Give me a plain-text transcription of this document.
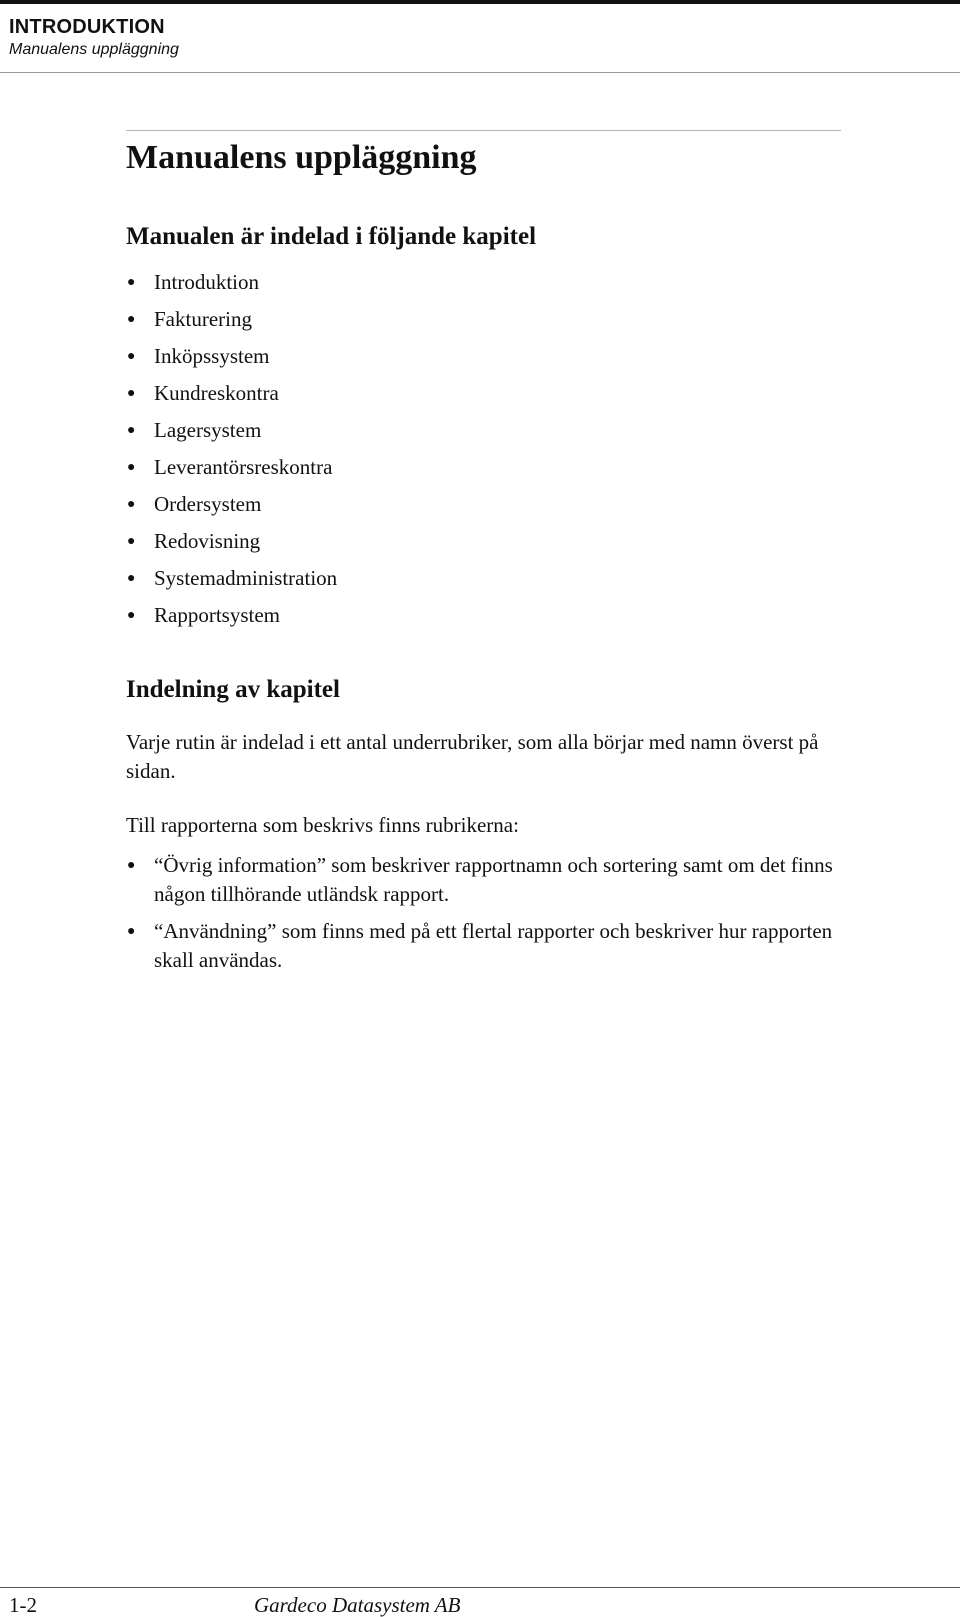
INTRODUKTION
Manualens uppläggning
Manualens uppläggning
Manualen är indelad i följande kapitel
● Introduktion
● Fakturering
● Inköpssystem
● Kundreskontra
● Lagersystem
● Leverantörsreskontra
● Ordersystem
● Redovisning
● Systemadministration
● Rapportsystem
Indelning av kapitel

Varje rutin är indelad i ett antal underrubriker, som alla börjar med namn överst på sidan.

Till rapporterna som beskrivs finns rubrikerna:

● “Övrig information” som beskriver rapportnamn och sortering samt om det finns någon tillhörande utländsk rapport.
● “Användning” som finns med på ett flertal rapporter och beskriver hur rapporten skall användas.
1-2	Gardeco Datasystem AB
